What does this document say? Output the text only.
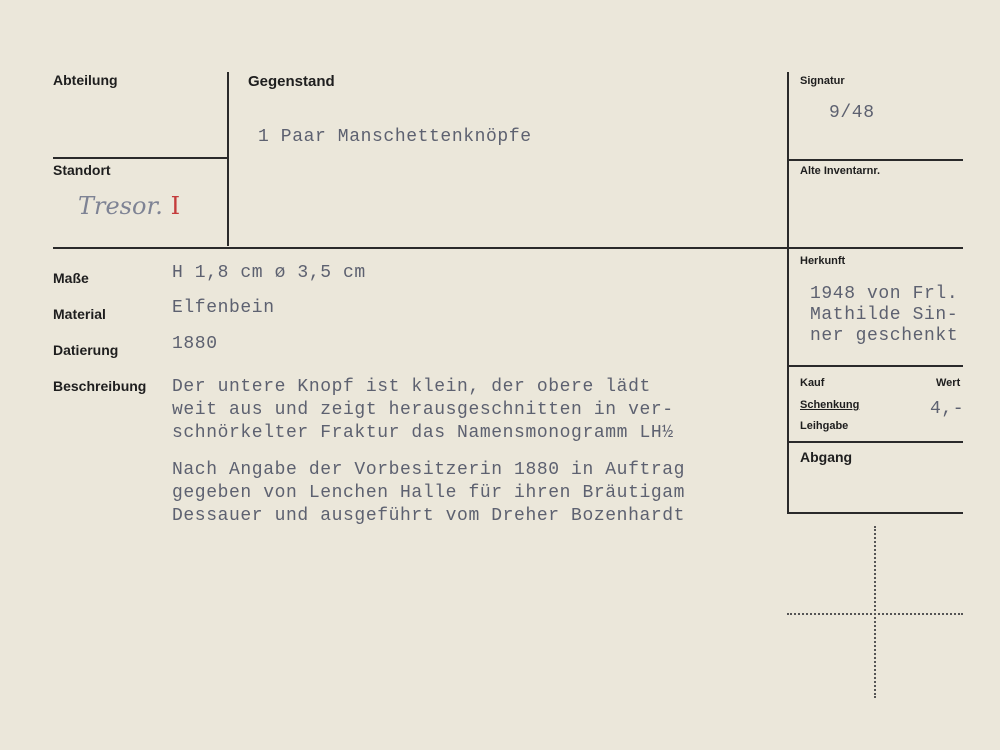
Abteilung	Gegenstand
1 Paar Manschettenknöpfe
Signatur
9/48
Standort
Tresor. I
Alte Inventarnr.
Maße	H 1,8 cm ø 3,5 cm
Material	Elfenbein
Datierung	1880
Beschreibung Der untere Knopf ist klein, der obere lädt
weit aus und zeigt herausgeschnitten in ver-
schnörkelter Fraktur das Namensmonogramm LH½
Nach Angabe der Vorbesitzerin 1880 in Auftrag
gegeben von Lenchen Halle für ihren Bräutigam
Dessauer und ausgeführt vom Dreher Bozenhardt
Herkunft
1948 von Frl.
Mathilde Sin-
ner geschenkt
Kauf	Wert
Schenkung	4,-
Leihgabe
Abgang
